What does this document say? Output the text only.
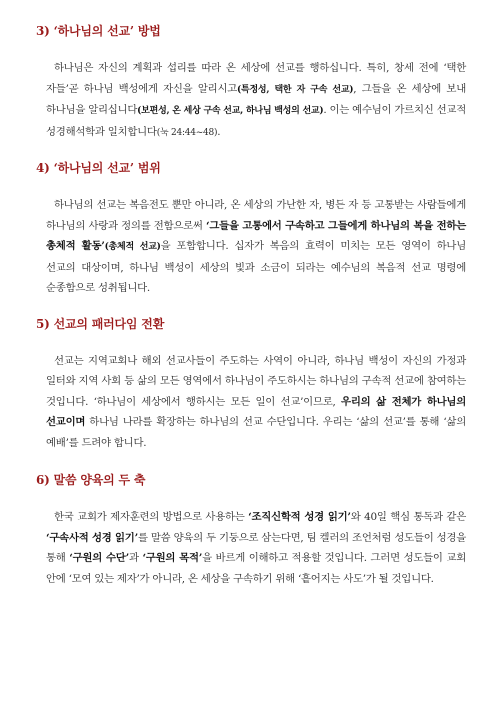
3) ‘하나님의 선교’ 방법

하나님은 자신의 계획과 섭리를 따라 온 세상에 선교를 행하십니다. 특히, 창세 전에 ‘택한 자들’곧 하나님 백성에게 자신을 알리시고(특정성, 택한 자 구속 선교), 그들을 온 세상에 보내 하나님을 알리십니다(보편성, 온 세상 구속 선교, 하나님 백성의 선교). 이는 예수님이 가르치신 선교적 성경해석학과 일치합니다(눅 24:44~48).

4) ‘하나님의 선교’ 범위

하나님의 선교는 복음전도 뿐만 아니라, 온 세상의 가난한 자, 병든 자 등 고통받는 사람들에게 하나님의 사랑과 정의를 전함으로써 ‘그들을 고통에서 구속하고 그들에게 하나님의 복을 전하는 총체적 활동’(총체적 선교)을 포함합니다. 십자가 복음의 효력이 미치는 모든 영역이 하나님 선교의 대상이며, 하나님 백성이 세상의 빛과 소금이 되라는 예수님의 복음적 선교 명령에 순종함으로 성취됩니다.

5) 선교의 패러다임 전환

선교는 지역교회나 해외 선교사들이 주도하는 사역이 아니라, 하나님 백성이 자신의 가정과 일터와 지역 사회 등 삶의 모든 영역에서 하나님이 주도하시는 하나님의 구속적 선교에 참여하는 것입니다. ‘하나님이 세상에서 행하시는 모든 일이 선교’이므로, 우리의 삶 전체가 하나님의 선교이며 하나님 나라를 확장하는 하나님의 선교 수단입니다. 우리는 ‘삶의 선교’를 통해 ‘삶의 예배’를 드려야 합니다.

6) 말씀 양육의 두 축

한국 교회가 제자훈련의 방법으로 사용하는 ‘조직신학적 성경 읽기’와 40일 핵심 통독과 같은 ‘구속사적 성경 읽기’를 말씀 양육의 두 기둥으로 삼는다면, 팀 켈러의 조언처럼 성도들이 성경을 통해 ‘구원의 수단’과 ‘구원의 목적’을 바르게 이해하고 적용할 것입니다. 그러면 성도들이 교회 안에 ‘모여 있는 제자’가 아니라, 온 세상을 구속하기 위해 ‘흩어지는 사도’가 될 것입니다.
